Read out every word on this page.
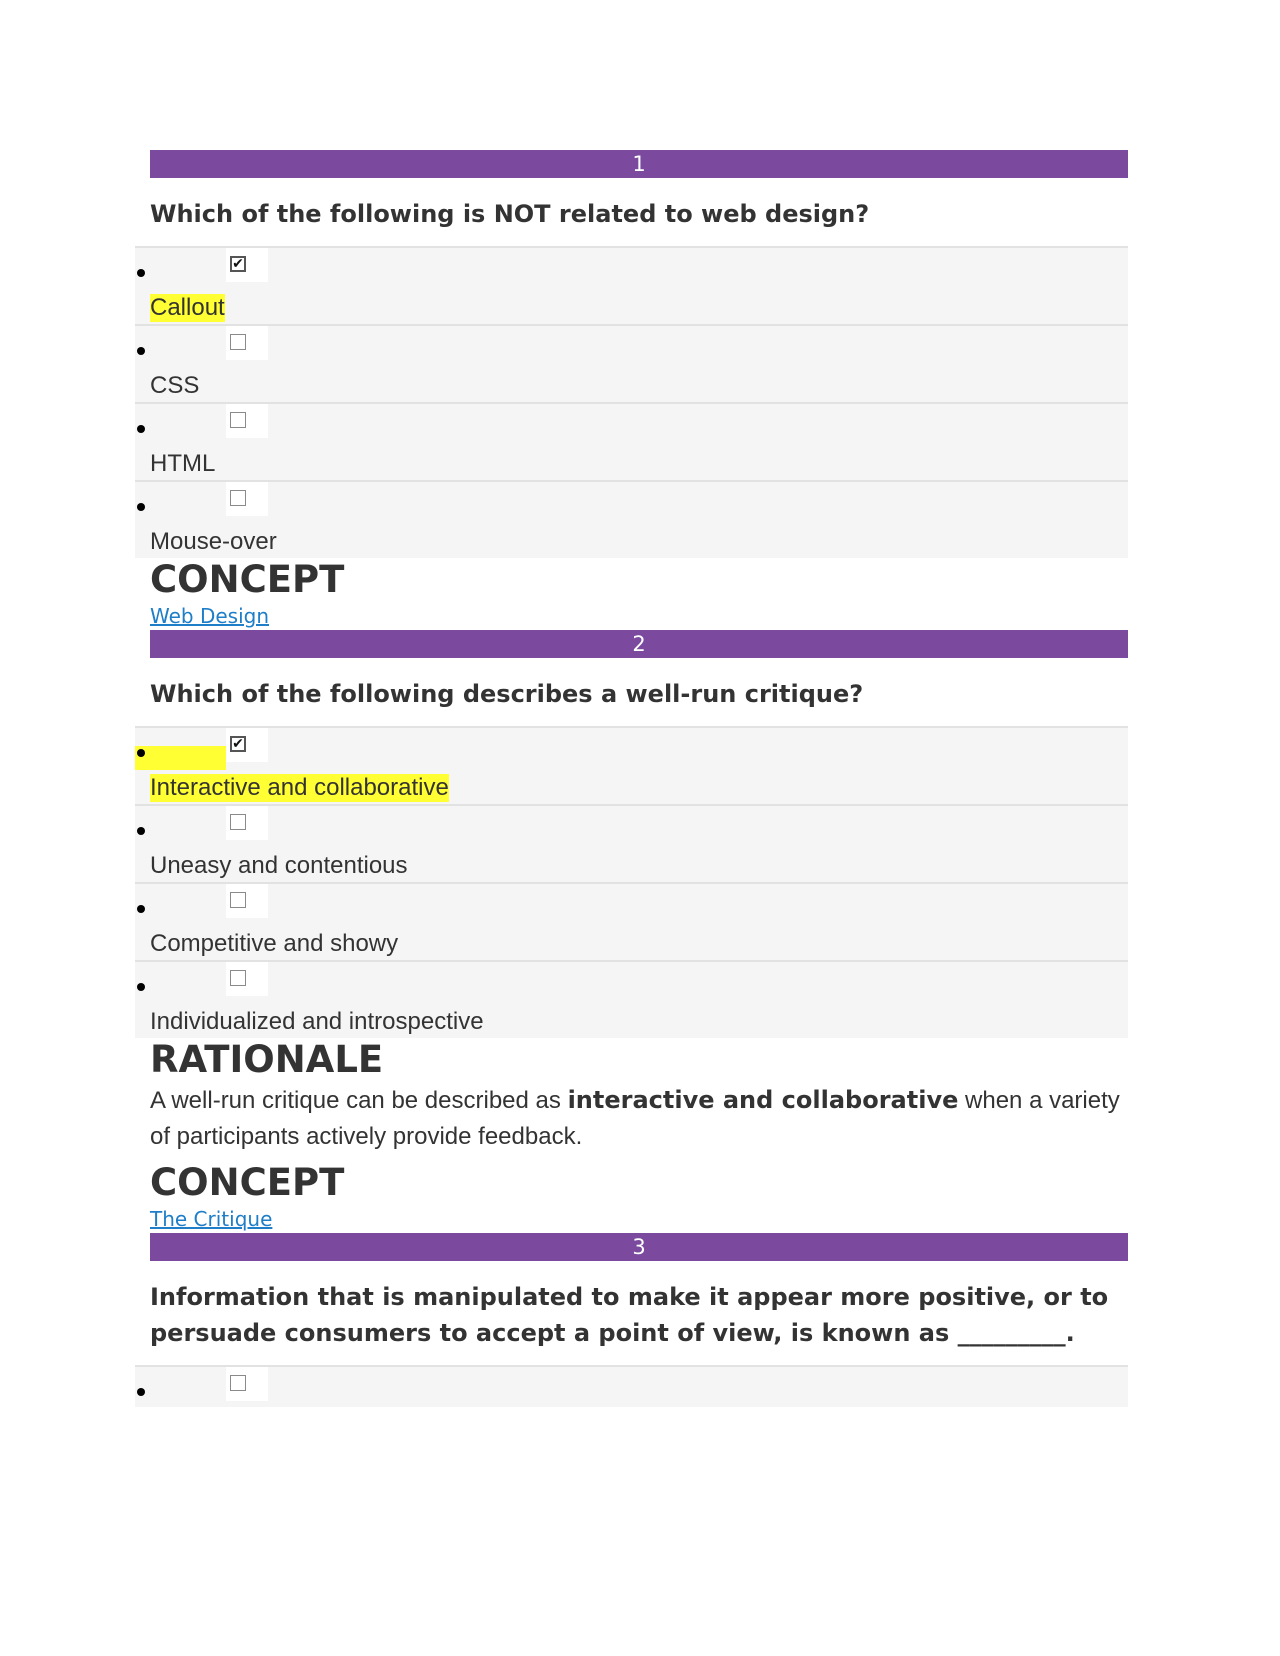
1

Which of the following is NOT related to web design?

✔
Callout
CSS
HTML
Mouse-over
CONCEPT
Web Design
2

Which of the following describes a well-run critique?

✔
Interactive and collaborative
Uneasy and contentious
Competitive and showy
Individualized and introspective
RATIONALE

A well-run critique can be described as interactive and collaborative when a variety of participants actively provide feedback.

CONCEPT
The Critique
3

Information that is manipulated to make it appear more positive, or to persuade consumers to accept a point of view, is known as _________.
